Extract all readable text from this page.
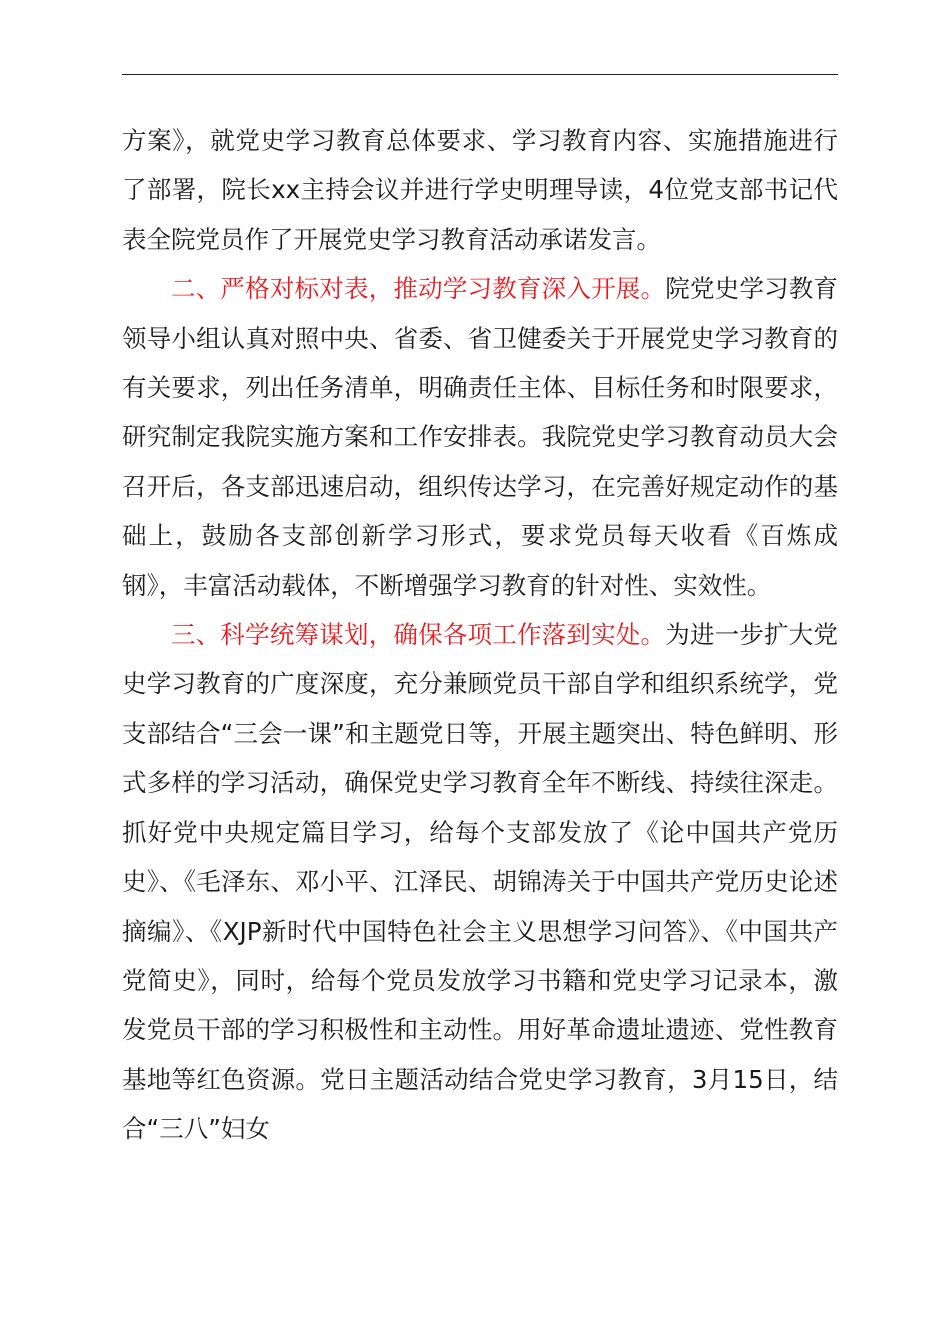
方案》，就党史学习教育总体要求、学习教育内容、实施措施进行了部署，院长xx主持会议并进行学史明理导读，4位党支部书记代表全院党员作了开展党史学习教育活动承诺发言。

二、严格对标对表，推动学习教育深入开展。院党史学习教育领导小组认真对照中央、省委、省卫健委关于开展党史学习教育的有关要求，列出任务清单，明确责任主体、目标任务和时限要求，研究制定我院实施方案和工作安排表。我院党史学习教育动员大会召开后，各支部迅速启动，组织传达学习，在完善好规定动作的基础上，鼓励各支部创新学习形式，要求党员每天收看《百炼成钢》，丰富活动载体，不断增强学习教育的针对性、实效性。

三、科学统筹谋划，确保各项工作落到实处。为进一步扩大党史学习教育的广度深度，充分兼顾党员干部自学和组织系统学，党支部结合“三会一课”和主题党日等，开展主题突出、特色鲜明、形式多样的学习活动，确保党史学习教育全年不断线、持续往深走。抓好党中央规定篇目学习，给每个支部发放了《论中国共产党历史》、《毛泽东、邓小平、江泽民、胡锦涛关于中国共产党历史论述摘编》、《XJP新时代中国特色社会主义思想学习问答》、《中国共产党简史》，同时，给每个党员发放学习书籍和党史学习记录本，激发党员干部的学习积极性和主动性。用好革命遗址遗迹、党性教育基地等红色资源。党日主题活动结合党史学习教育，3月15日，结合“三八”妇女
